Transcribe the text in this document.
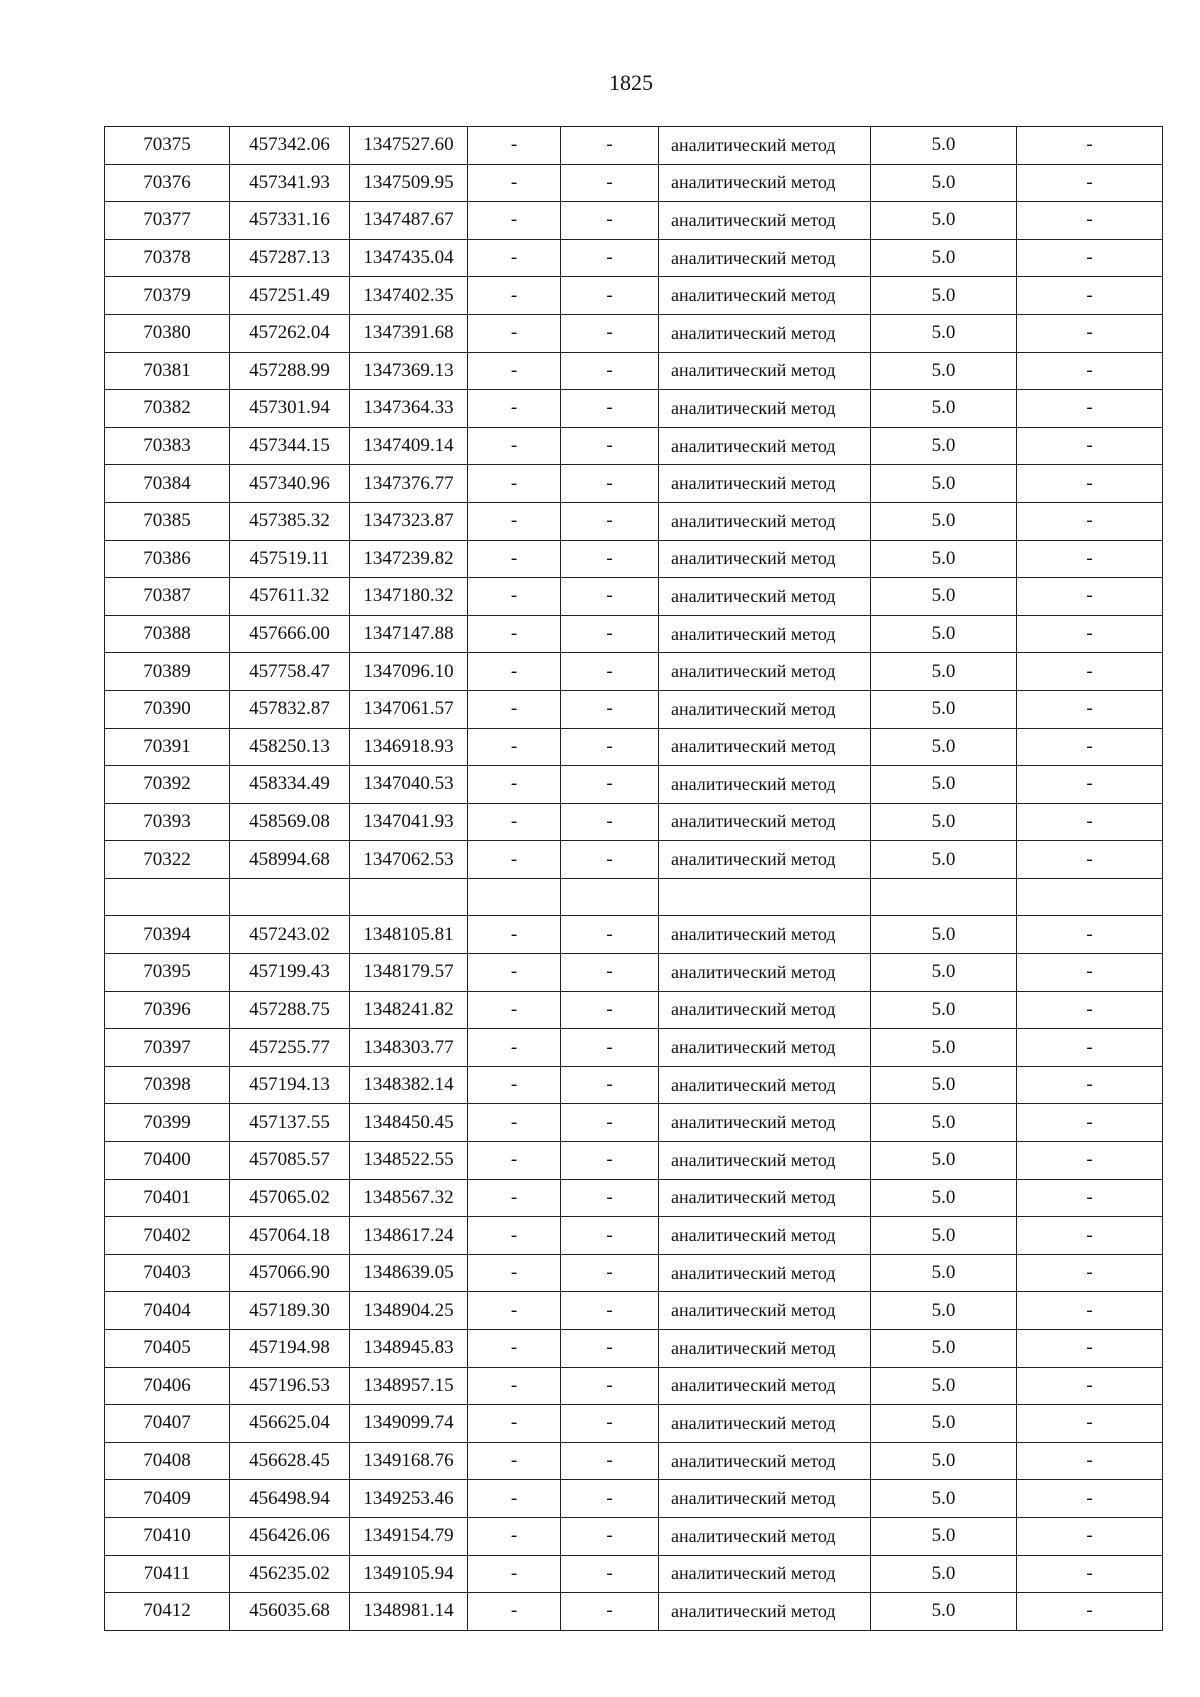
1825
70375	457342.06	1347527.60	-	-	аналитический метод	5.0	-
70376	457341.93	1347509.95	-	-	аналитический метод	5.0	-
70377	457331.16	1347487.67	-	-	аналитический метод	5.0	-
70378	457287.13	1347435.04	-	-	аналитический метод	5.0	-
70379	457251.49	1347402.35	-	-	аналитический метод	5.0	-
70380	457262.04	1347391.68	-	-	аналитический метод	5.0	-
70381	457288.99	1347369.13	-	-	аналитический метод	5.0	-
70382	457301.94	1347364.33	-	-	аналитический метод	5.0	-
70383	457344.15	1347409.14	-	-	аналитический метод	5.0	-
70384	457340.96	1347376.77	-	-	аналитический метод	5.0	-
70385	457385.32	1347323.87	-	-	аналитический метод	5.0	-
70386	457519.11	1347239.82	-	-	аналитический метод	5.0	-
70387	457611.32	1347180.32	-	-	аналитический метод	5.0	-
70388	457666.00	1347147.88	-	-	аналитический метод	5.0	-
70389	457758.47	1347096.10	-	-	аналитический метод	5.0	-
70390	457832.87	1347061.57	-	-	аналитический метод	5.0	-
70391	458250.13	1346918.93	-	-	аналитический метод	5.0	-
70392	458334.49	1347040.53	-	-	аналитический метод	5.0	-
70393	458569.08	1347041.93	-	-	аналитический метод	5.0	-
70322	458994.68	1347062.53	-	-	аналитический метод	5.0	-

70394	457243.02	1348105.81	-	-	аналитический метод	5.0	-
70395	457199.43	1348179.57	-	-	аналитический метод	5.0	-
70396	457288.75	1348241.82	-	-	аналитический метод	5.0	-
70397	457255.77	1348303.77	-	-	аналитический метод	5.0	-
70398	457194.13	1348382.14	-	-	аналитический метод	5.0	-
70399	457137.55	1348450.45	-	-	аналитический метод	5.0	-
70400	457085.57	1348522.55	-	-	аналитический метод	5.0	-
70401	457065.02	1348567.32	-	-	аналитический метод	5.0	-
70402	457064.18	1348617.24	-	-	аналитический метод	5.0	-
70403	457066.90	1348639.05	-	-	аналитический метод	5.0	-
70404	457189.30	1348904.25	-	-	аналитический метод	5.0	-
70405	457194.98	1348945.83	-	-	аналитический метод	5.0	-
70406	457196.53	1348957.15	-	-	аналитический метод	5.0	-
70407	456625.04	1349099.74	-	-	аналитический метод	5.0	-
70408	456628.45	1349168.76	-	-	аналитический метод	5.0	-
70409	456498.94	1349253.46	-	-	аналитический метод	5.0	-
70410	456426.06	1349154.79	-	-	аналитический метод	5.0	-
70411	456235.02	1349105.94	-	-	аналитический метод	5.0	-
70412	456035.68	1348981.14	-	-	аналитический метод	5.0	-
